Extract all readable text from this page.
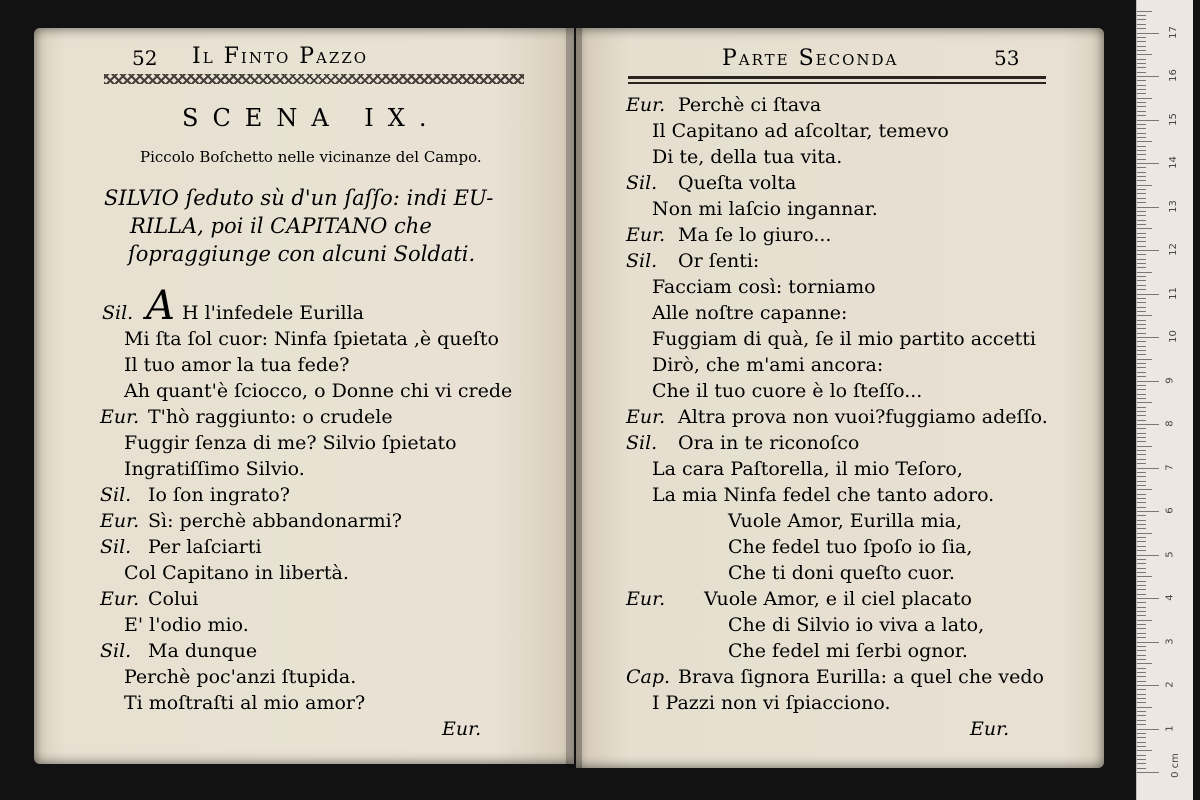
1
2
3
4
5
6
7
8
9
10
11
12
13
14
15
16
17
0 cm
52 Il Finto Pazzo
SCENA IX.
Piccolo Boſchetto nelle vicinanze del Campo.
SILVIO ſeduto sù d'un ſaſſo: indi EU-
RILLA, poi il CAPITANO che
ſopraggiunge con alcuni Soldati.
Sil. A H l'infedele Eurilla
Mi ſta ſol cuor: Ninfa ſpietata ,è queſto
Il tuo amor la tua fede?
Ah quant'è ſciocco, o Donne chi vi crede
Eur. T'hò raggiunto: o crudele
Fuggir ſenza di me? Silvio ſpietato
Ingratiſſimo Silvio.
Sil. Io ſon ingrato?
Eur. Sì: perchè abbandonarmi?
Sil. Per laſciarti
Col Capitano in libertà.
Eur. Colui
E' l'odio mio.
Sil. Ma dunque
Perchè poc'anzi ſtupida.
Ti moſtraſti al mio amor?
Eur.
Parte Seconda	53
Eur. Perchè ci ſtava
Il Capitano ad aſcoltar, temevo
Di te, della tua vita.
Sil. Queſta volta
Non mi laſcio ingannar.
Eur. Ma ſe lo giuro...
Sil. Or ſenti:
Facciam così: torniamo
Alle noſtre capanne:
Fuggiam di quà, ſe il mio partito accetti
Dirò, che m'ami ancora:
Che il tuo cuore è lo ſteſſo...
Eur. Altra prova non vuoi?fuggiamo adeſſo.
Sil. Ora in te riconoſco
La cara Paſtorella, il mio Teſoro,
La mia Ninfa fedel che tanto adoro.
Vuole Amor, Eurilla mia,
Che fedel tuo ſpoſo io ſia,
Che ti doni queſto cuor.
Eur. Vuole Amor, e il ciel placato
Che di Silvio io viva a lato,
Che fedel mi ſerbi ognor.
Cap. Brava ſignora Eurilla: a quel che vedo
I Pazzi non vi ſpiacciono.
Eur.
